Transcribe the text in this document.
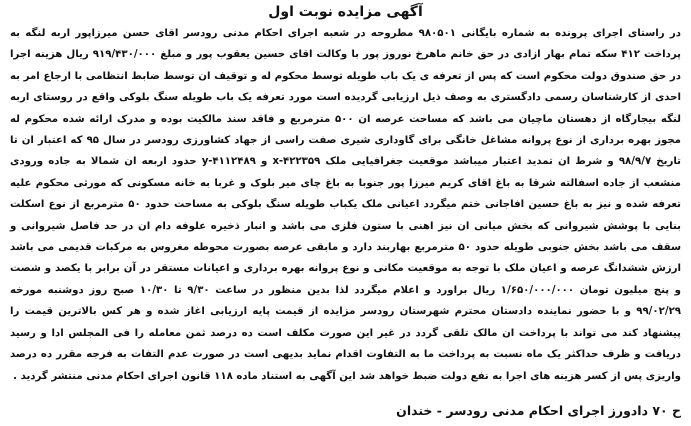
آگهی مزایده نوبت اول

در راستای اجرای پرونده به شماره بایگانی ۹۸۰۵۰۱ مطروحه در شعبه اجرای احکام مدنی رودسر اقای حسن میرزاپور اربه لنگه به پرداخت ۴۱۲ سکه تمام بهار ازادی در حق خانم ماهرخ نوروز پور با وکالت اقای حسین یعقوب پور و مبلغ ۹۱۹/۴۳۰/۰۰۰ ریال هزینه اجرا در حق صندوق دولت محکوم است که پس از تعرفه ی یک باب طویله توسط محکوم له و توقیف ان توسط ضابط انتظامی با ارجاع امر به احدی از کارشناسان رسمی دادگستری به وصف ذیل ارزیابی گردیده است مورد تعرفه یک باب طویله سنگ بلوکی واقع در روستای اربه لنگه بیجارگاه از دهستان ماچیان می باشد که مساحت عرصه ان ۵۰۰ مترمربع و فاقد سند مالکیت بوده و مدرک ارائه شده محکوم له مجوز بهره برداری از نوع پروانه مشاغل خانگی برای گاوداری شیری صفت راسی از جهاد کشاورزی رودسر در سال ۹۵ که اعتبار ان تا تاریخ ۹۸/۹/۷ و شرط ان تمدید اعتبار میباشد موقعیت جغرافیایی ملک x-۴۲۲۳۵۹ و y-۴۱۱۲۴۸۹ حدود اربعه ان شمالا به جاده ورودی منشعب از جاده اسفالته شرقا به باغ اقای کریم میرزا پور جنوبا به باغ چای میر بلوک و غربا به خانه مسکونی که مورثی محکوم علیه تعرفه شده و نیز به باغ حسین افاجانی ختم میگردد اعیانی ملک یکباب طویله سنگ بلوکی به مساحت حدود ۵۰ مترمربع از نوع اسکلت بنایی با پوشش شیروانی که بخش میانی ان نیز اهنی با ستون فلزی می باشد و انبار ذخیره علوفه دام ان در حد فاصل شیروانی و سقف می باشد بخش جنوبی طویله حدود ۵۰ مترمربع بهاربند دارد و مابقی عرصه بصورت محوطه مغروس به مرکبات قدیمی می باشد ارزش ششدانگ عرصه و اعیان ملک با توجه به موقعیت مکانی و نوع پروانه بهره برداری و اعیانات مستقر در آن برابر با یکصد و شصت و پنج میلیون تومان ۱/۶۵۰/۰۰۰/۰۰۰ ریال براورد و اعلام میگردد لذا بدین منظور در ساعت ۹/۳۰ تا ۱۰/۳۰ صبح روز دوشنبه مورخه ۹۹/۰۲/۲۹ و با حضور نماینده دادستان محترم شهرستان رودسر مزایده از قیمت پایه ارزیابی اغاز شده و هر کس بالاترین قیمت را پیشنهاد کند می تواند با پرداخت ان مالک تلقی گردد در غیر این صورت مکلف است ده درصد ثمن معامله را فی المجلس ادا و رسید دریافت و ظرف حداکثر یک ماه نسبت به پرداخت ما به التفاوت اقدام نماید بدیهی است در صورت عدم التفات به فرجه مقرر ده درصد واریزی پس از کسر هزینه های اجرا به نفع دولت ضبط خواهد شد این آگهی به استناد ماده ۱۱۸ قانون اجرای احکام مدنی منتشر گردید .

ح ۷۰ دادورز اجرای احکام مدنی رودسر - خندان
